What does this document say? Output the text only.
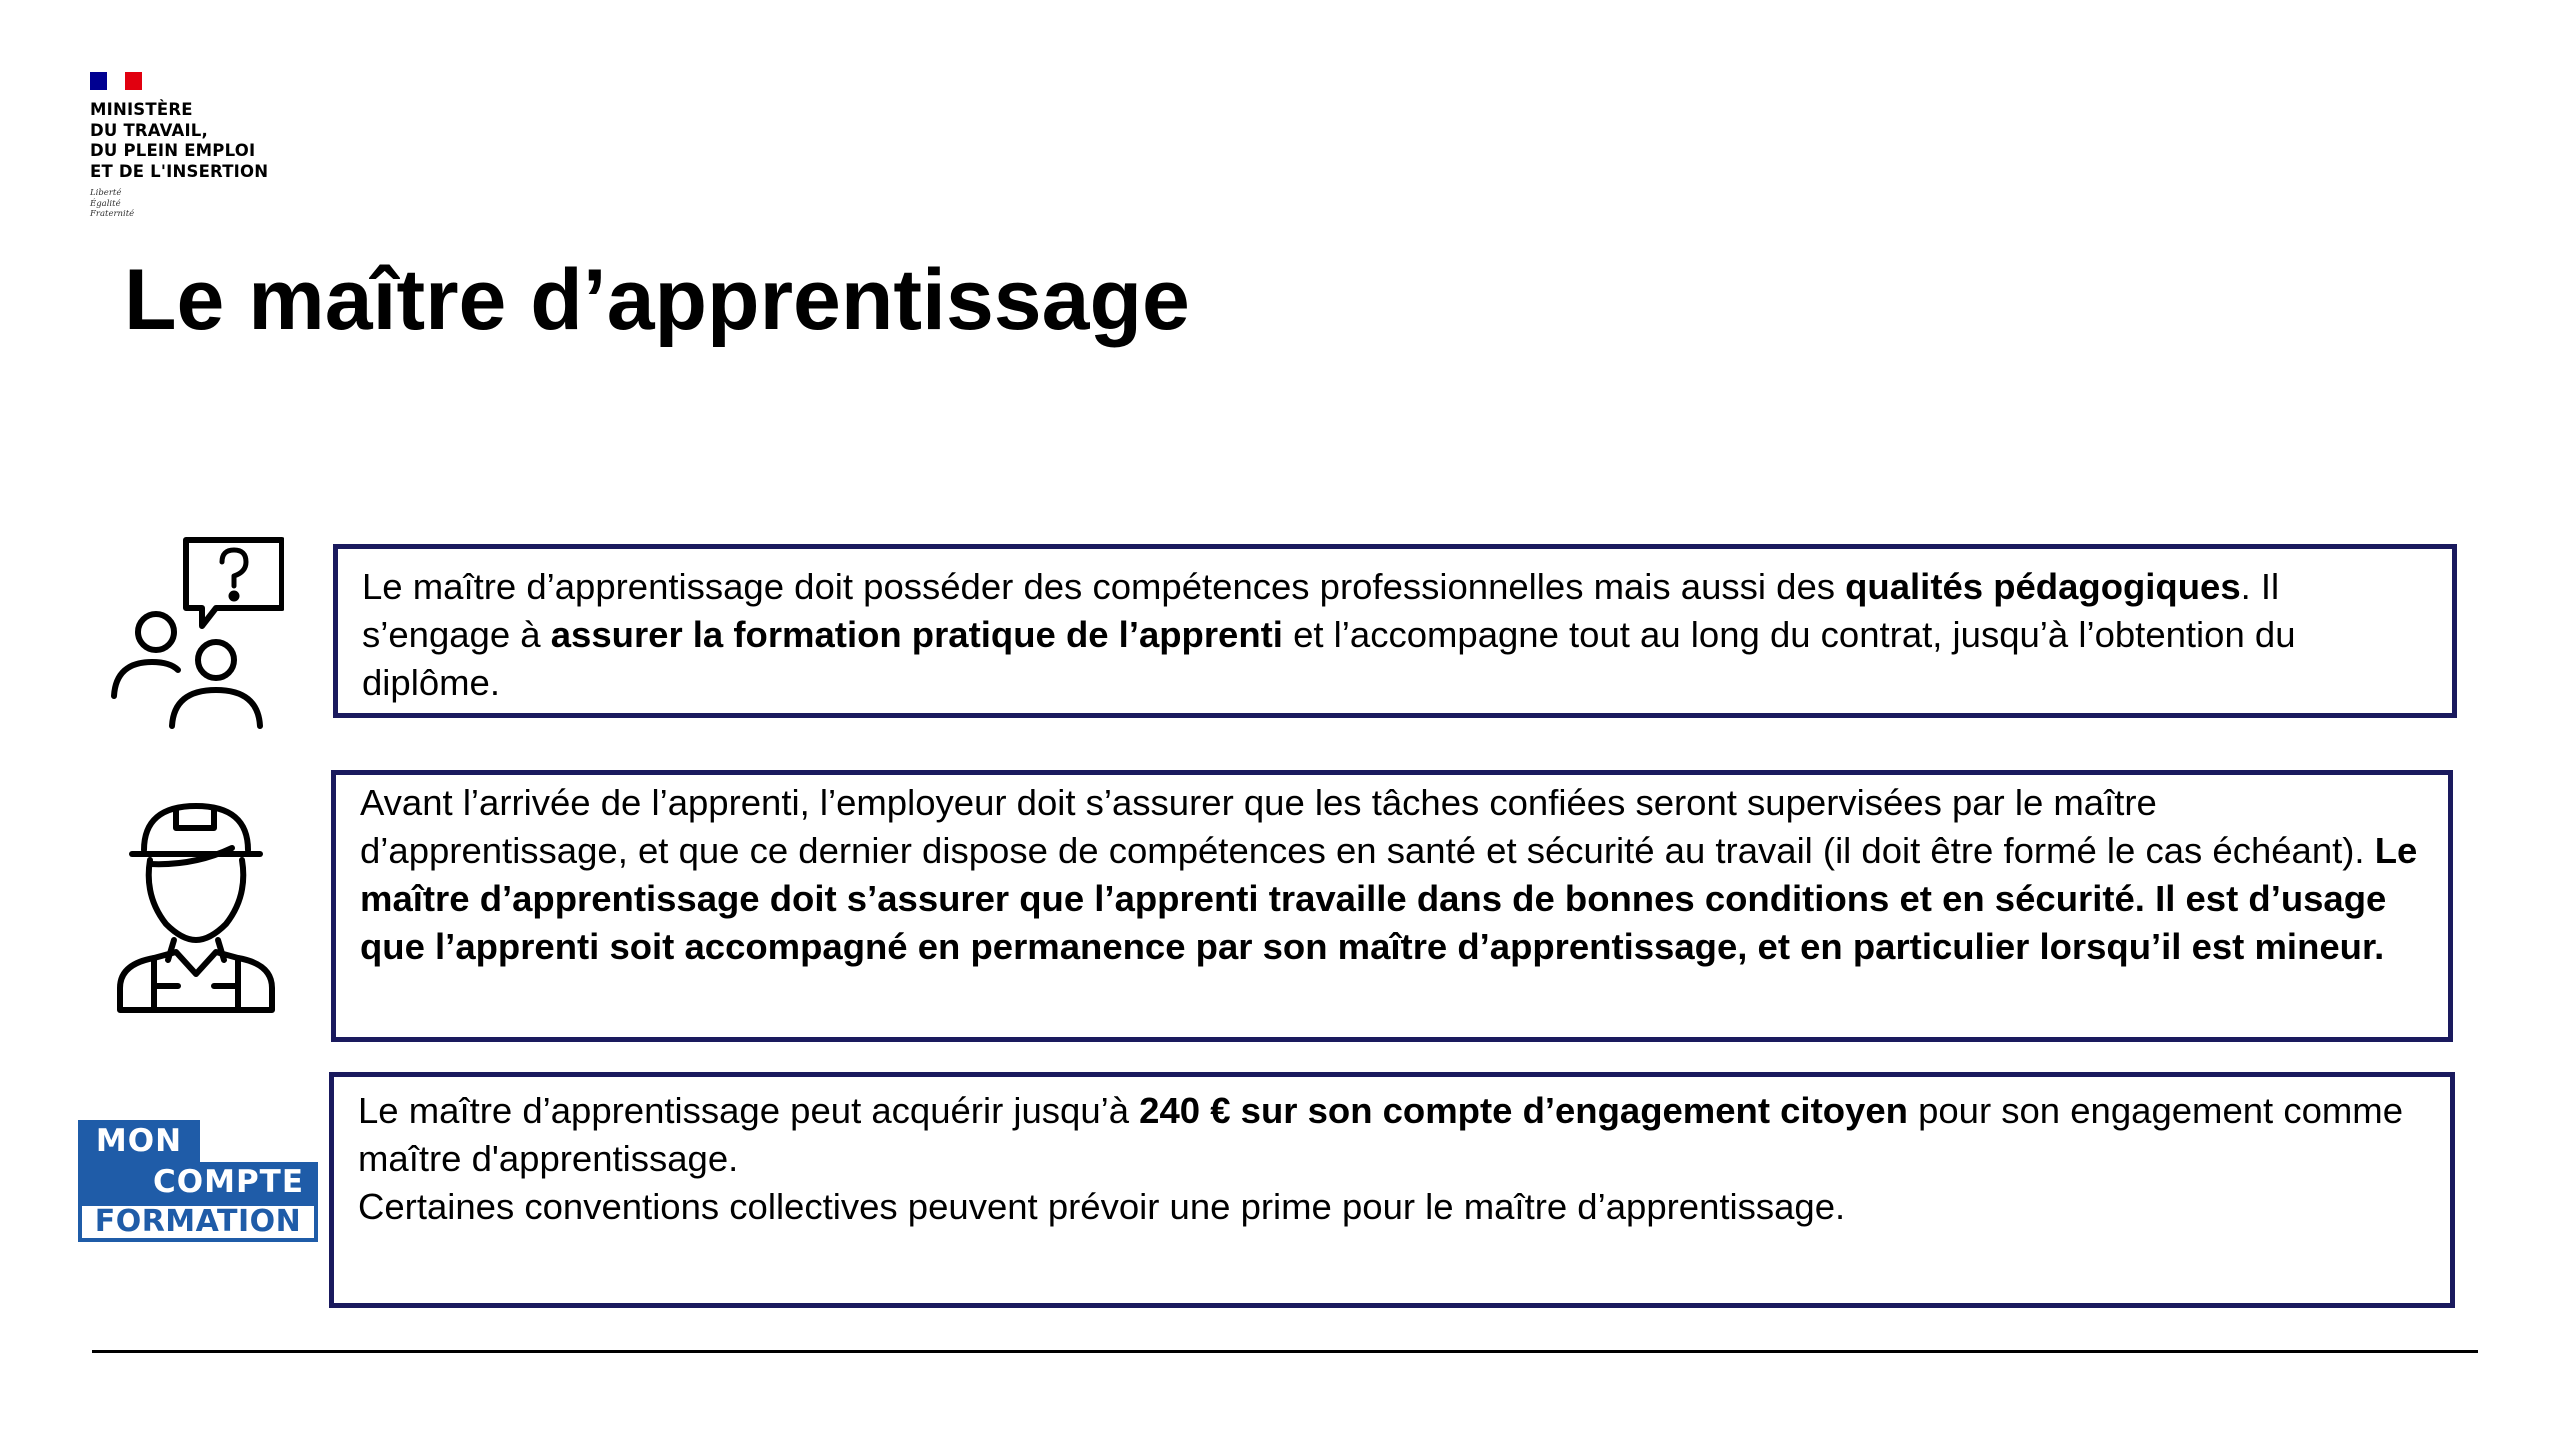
MINISTÈRE
DU TRAVAIL,
DU PLEIN EMPLOI
ET DE L'INSERTION
Liberté
Égalité
Fraternité
Le maître d’apprentissage
MON
COMPTE
FORMATION

Le maître d’apprentissage doit posséder des compétences professionnelles mais aussi des qualités pédagogiques. Il s’engage à assurer la formation pratique de l’apprenti et l’accompagne tout au long du contrat, jusqu’à l’obtention du diplôme.

Avant l’arrivée de l’apprenti, l’employeur doit s’assurer que les tâches confiées seront supervisées par le maître d’apprentissage, et que ce dernier dispose de compétences en santé et sécurité au travail (il doit être formé le cas échéant). Le maître d’apprentissage doit s’assurer que l’apprenti travaille dans de bonnes conditions et en sécurité. Il est d’usage que l’apprenti soit accompagné en permanence par son maître d’apprentissage, et en particulier lorsqu’il est mineur.

Le maître d’apprentissage peut acquérir jusqu’à 240 € sur son compte d’engagement citoyen pour son engagement comme maître d'apprentissage.

Certaines conventions collectives peuvent prévoir une prime pour le maître d’apprentissage.
